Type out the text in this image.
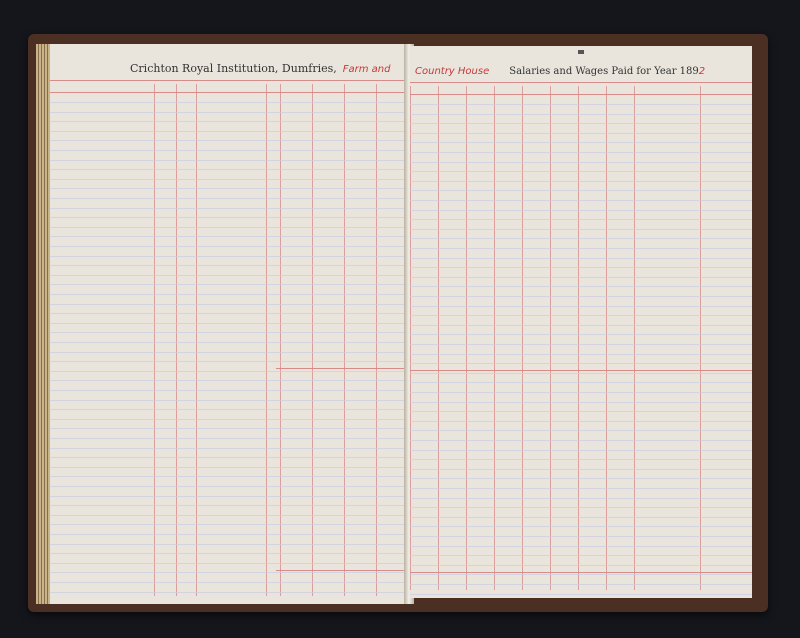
Crichton Royal Institution, Dumfries, Farm and Country House Salaries and Wages Paid for Year 1892
